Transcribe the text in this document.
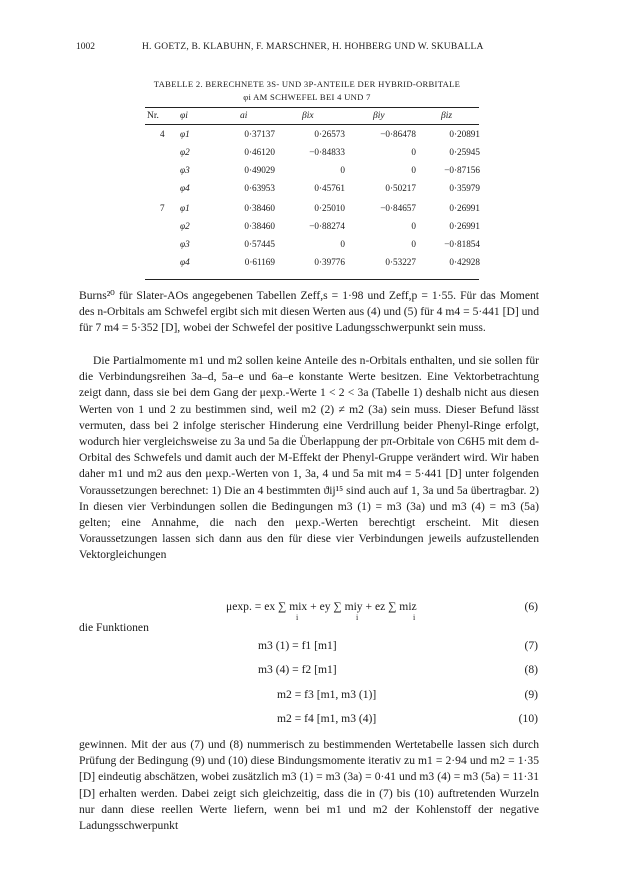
1002	H. GOETZ, B. KLABUHN, F. MARSCHNER, H. HOHBERG UND W. SKUBALLA
TABELLE 2. BERECHNETE 3S- UND 3P-ANTEILE DER HYBRID-ORBITALE
φi AM SCHWEFEL BEI 4 UND 7
Nr. φi	ai	βix	βiy	βiz
4 φ1	0·37137	0·26573	−0·86478	0·20891
φ2	0·46120	−0·84833	0	0·25945
φ3	0·49029	0	0	−0·87156
φ4	0·63953	0·45761	0·50217	0·35979
7 φ1	0·38460	0·25010	−0·84657	0·26991
φ2	0·38460	−0·88274	0	0·26991
φ3	0·57445	0	0	−0·81854
φ4	0·61169	0·39776	0·53227	0·42928

Burns²⁰ für Slater-AOs angegebenen Tabellen Zeff,s = 1·98 und Zeff,p = 1·55. Für das Moment des n-Orbitals am Schwefel ergibt sich mit diesen Werten aus (4) und (5) für 4 m4 = 5·441 [D] und für 7 m4 = 5·352 [D], wobei der Schwefel der positive Ladungsschwerpunkt sein muss.

Die Partialmomente m1 und m2 sollen keine Anteile des n-Orbitals enthalten, und sie sollen für die Verbindungsreihen 3a–d, 5a–e und 6a–e konstante Werte besitzen. Eine Vektorbetrachtung zeigt dann, dass sie bei dem Gang der μexp.-Werte 1 < 2 < 3a (Tabelle 1) deshalb nicht aus diesen Werten von 1 und 2 zu bestimmen sind, weil m2 (2) ≠ m2 (3a) sein muss. Dieser Befund lässt vermuten, dass bei 2 infolge sterischer Hinderung eine Verdrillung beider Phenyl-Ringe erfolgt, wodurch hier vergleichsweise zu 3a und 5a die Überlappung der pπ-Orbitale von C6H5 mit dem d-Orbital des Schwefels und damit auch der M-Effekt der Phenyl-Gruppe verändert wird. Wir haben daher m1 und m2 aus den μexp.-Werten von 1, 3a, 4 und 5a mit m4 = 5·441 [D] unter folgenden Voraussetzungen berechnet: 1) Die an 4 bestimmten ϑij¹⁵ sind auch auf 1, 3a und 5a übertragbar. 2) In diesen vier Verbindungen sollen die Bedingungen m3 (1) = m3 (3a) und m3 (4) = m3 (5a) gelten; eine Annahme, die nach den μexp.-Werten berechtigt erscheint. Mit diesen Voraussetzungen lassen sich dann aus den für diese vier Verbindungen jeweils aufzustellenden Vektorgleichungen

μexp. = ex ∑ mix + ey ∑ miy + ez ∑ miz
i	i	i
(6)
die Funktionen
m3 (1) = f1 [m1]	(7)
m3 (4) = f2 [m1]	(8)
m2 = f3 [m1, m3 (1)]	(9)
m2 = f4 [m1, m3 (4)]	(10)

gewinnen. Mit der aus (7) und (8) nummerisch zu bestimmenden Wertetabelle lassen sich durch Prüfung der Bedingung (9) und (10) diese Bindungsmomente iterativ zu m1 = 2·94 und m2 = 1·35 [D] eindeutig abschätzen, wobei zusätzlich m3 (1) = m3 (3a) = 0·41 und m3 (4) = m3 (5a) = 11·31 [D] erhalten werden. Dabei zeigt sich gleichzeitig, dass die in (7) bis (10) auftretenden Wurzeln nur dann diese reellen Werte liefern, wenn bei m1 und m2 der Kohlenstoff der negative Ladungsschwerpunkt
